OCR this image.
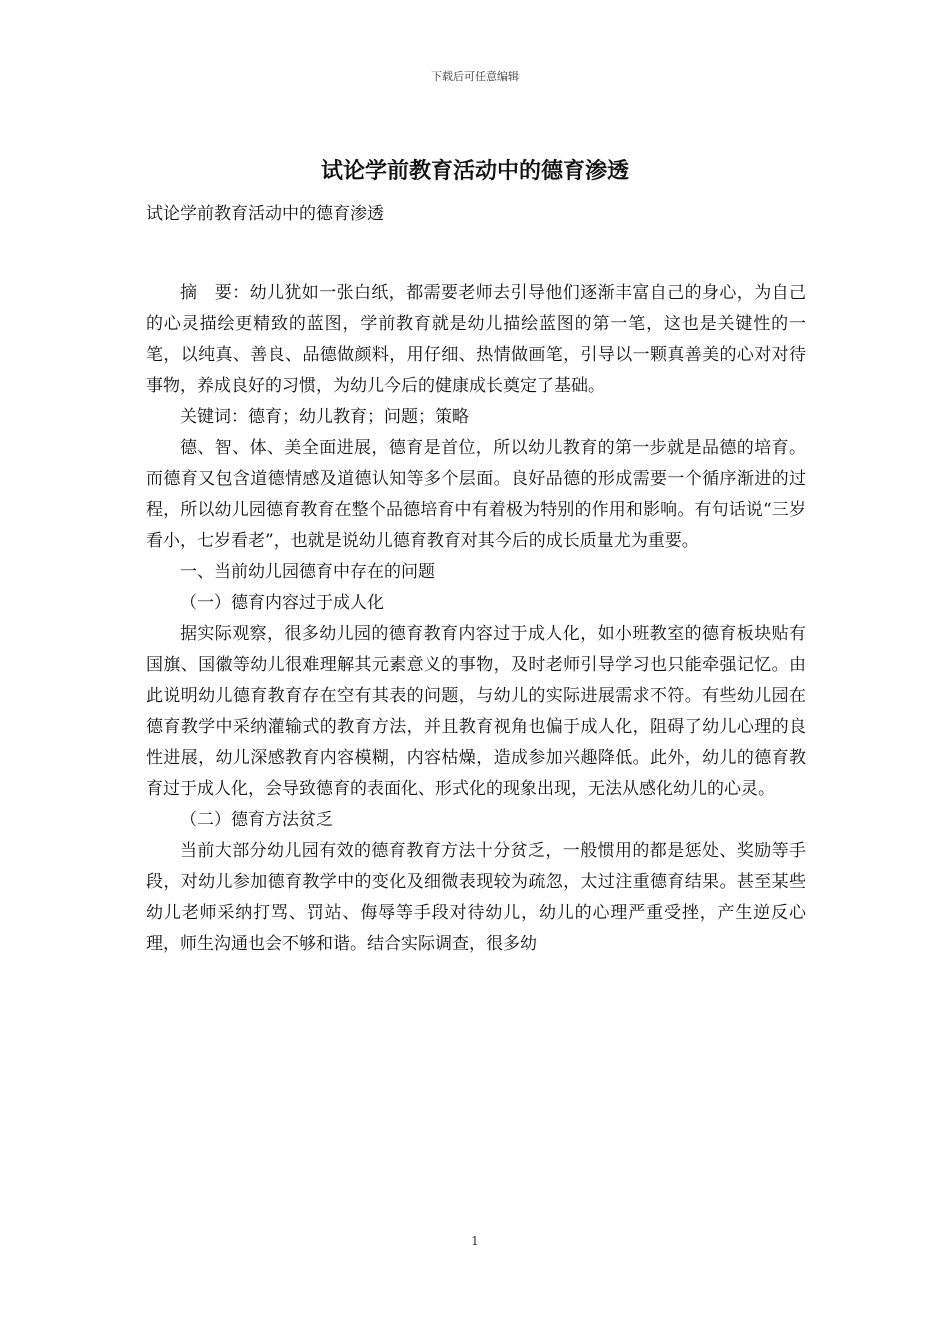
下载后可任意编辑
试论学前教育活动中的德育渗透

试论学前教育活动中的德育渗透

摘　要：幼儿犹如一张白纸，都需要老师去引导他们逐渐丰富自己的身心，为自己的心灵描绘更精致的蓝图，学前教育就是幼儿描绘蓝图的第一笔，这也是关键性的一笔，以纯真、善良、品德做颜料，用仔细、热情做画笔，引导以一颗真善美的心对对待事物，养成良好的习惯，为幼儿今后的健康成长奠定了基础。

关键词：德育；幼儿教育；问题；策略

德、智、体、美全面进展，德育是首位，所以幼儿教育的第一步就是品德的培育。而德育又包含道德情感及道德认知等多个层面。良好品德的形成需要一个循序渐进的过程，所以幼儿园德育教育在整个品德培育中有着极为特别的作用和影响。有句话说“三岁看小，七岁看老”，也就是说幼儿德育教育对其今后的成长质量尤为重要。

一、当前幼儿园德育中存在的问题

（一）德育内容过于成人化

据实际观察，很多幼儿园的德育教育内容过于成人化，如小班教室的德育板块贴有国旗、国徽等幼儿很难理解其元素意义的事物，及时老师引导学习也只能牵强记忆。由此说明幼儿德育教育存在空有其表的问题，与幼儿的实际进展需求不符。有些幼儿园在德育教学中采纳灌输式的教育方法，并且教育视角也偏于成人化，阻碍了幼儿心理的良性进展，幼儿深感教育内容模糊，内容枯燥，造成参加兴趣降低。此外，幼儿的德育教育过于成人化，会导致德育的表面化、形式化的现象出现，无法从感化幼儿的心灵。

（二）德育方法贫乏

当前大部分幼儿园有效的德育教育方法十分贫乏，一般惯用的都是惩处、奖励等手段，对幼儿参加德育教学中的变化及细微表现较为疏忽，太过注重德育结果。甚至某些幼儿老师采纳打骂、罚站、侮辱等手段对待幼儿，幼儿的心理严重受挫，产生逆反心理，师生沟通也会不够和谐。结合实际调查，很多幼

1
